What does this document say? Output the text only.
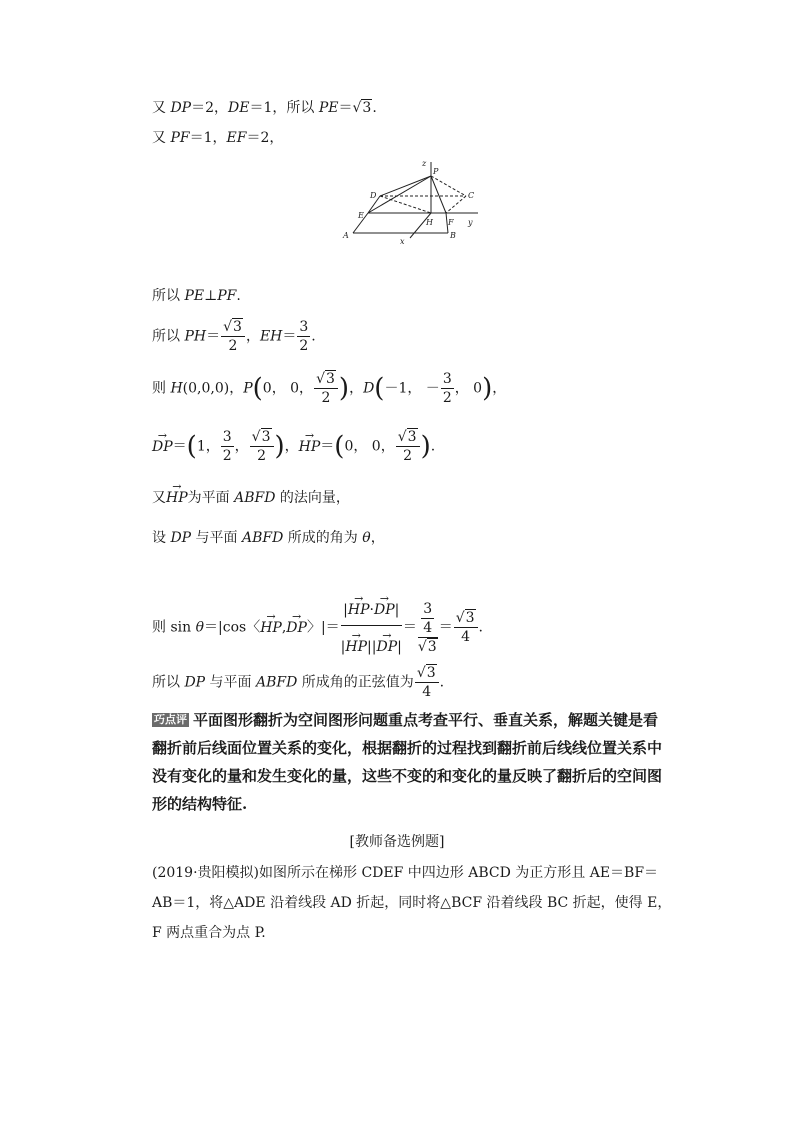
又 DP＝2，DE＝1，所以 PE＝√3.
又 PF＝1，EF＝2，
z
P
D	C
E
F
H	y
A
x
B
所以 PE⊥PF.
所以 $PH= \frac{√3}{2}$ ，$EH= \frac{3}{2}$ .
则 H(0,0,0)，P(0， 0， $\frac{√3}{2}$ )，D(－1， － $\frac{3}{2}$ ， 0)，
→ DP＝(1， $\frac{3}{2}$ ， $\frac{√3}{2}$ )，→ HP＝(0， 0， $\frac{√3}{2}$ ).
又→ HP为平面 ABFD 的法向量，
设 DP 与平面 ABFD 所成的角为 θ，
则 sin θ＝|cos〈→ HP,→ DP〉|＝ $\frac{|\to HP\cdot\to DP|}{|\to HP||\to DP|} = \frac{\frac{3}{4}}{√3} = \frac{√3}{4}$ .
所以 DP 与平面 ABFD 所成角的正弦值为 $\frac{√3}{4}$ .
巧点评 平面图形翻折为空间图形问题重点考查平行、垂直关系，解题关键是看翻折前后线面位置关系的变化，根据翻折的过程找到翻折前后线线位置关系中没有变化的量和发生变化的量，这些不变的和变化的量反映了翻折后的空间图形的结构特征.
[教师备选例题]
(2019·贵阳模拟)如图所示在梯形 CDEF 中四边形 ABCD 为正方形且 AE＝BF＝AB＝1，将△ADE 沿着线段 AD 折起，同时将△BCF 沿着线段 BC 折起，使得 E，F 两点重合为点 P.
